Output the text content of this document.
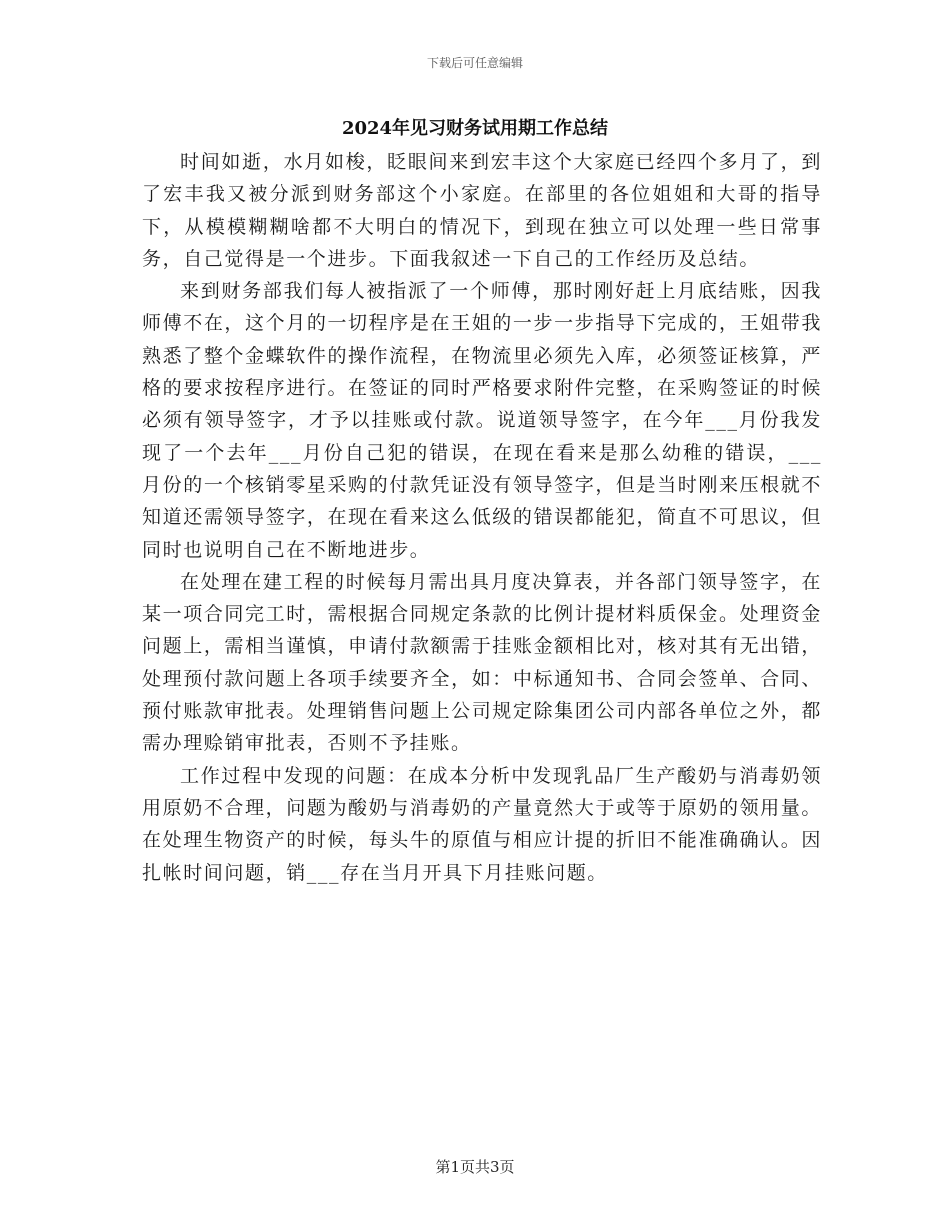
下载后可任意编辑
2024年见习财务试用期工作总结

时间如逝，水月如梭，眨眼间来到宏丰这个大家庭已经四个多月了，到了宏丰我又被分派到财务部这个小家庭。在部里的各位姐姐和大哥的指导下，从模模糊糊啥都不大明白的情况下，到现在独立可以处理一些日常事务，自己觉得是一个进步。下面我叙述一下自己的工作经历及总结。

来到财务部我们每人被指派了一个师傅，那时刚好赶上月底结账，因我师傅不在，这个月的一切程序是在王姐的一步一步指导下完成的，王姐带我熟悉了整个金蝶软件的操作流程，在物流里必须先入库，必须签证核算，严格的要求按程序进行。在签证的同时严格要求附件完整，在采购签证的时候必须有领导签字，才予以挂账或付款。说道领导签字，在今年___月份我发现了一个去年___月份自己犯的错误，在现在看来是那么幼稚的错误，___月份的一个核销零星采购的付款凭证没有领导签字，但是当时刚来压根就不知道还需领导签字，在现在看来这么低级的错误都能犯，简直不可思议，但同时也说明自己在不断地进步。

在处理在建工程的时候每月需出具月度决算表，并各部门领导签字，在某一项合同完工时，需根据合同规定条款的比例计提材料质保金。处理资金问题上，需相当谨慎，申请付款额需于挂账金额相比对，核对其有无出错，处理预付款问题上各项手续要齐全，如：中标通知书、合同会签单、合同、预付账款审批表。处理销售问题上公司规定除集团公司内部各单位之外，都需办理赊销审批表，否则不予挂账。

工作过程中发现的问题：在成本分析中发现乳品厂生产酸奶与消毒奶领用原奶不合理，问题为酸奶与消毒奶的产量竟然大于或等于原奶的领用量。在处理生物资产的时候，每头牛的原值与相应计提的折旧不能准确确认。因扎帐时间问题，销___存在当月开具下月挂账问题。

第1页共3页
